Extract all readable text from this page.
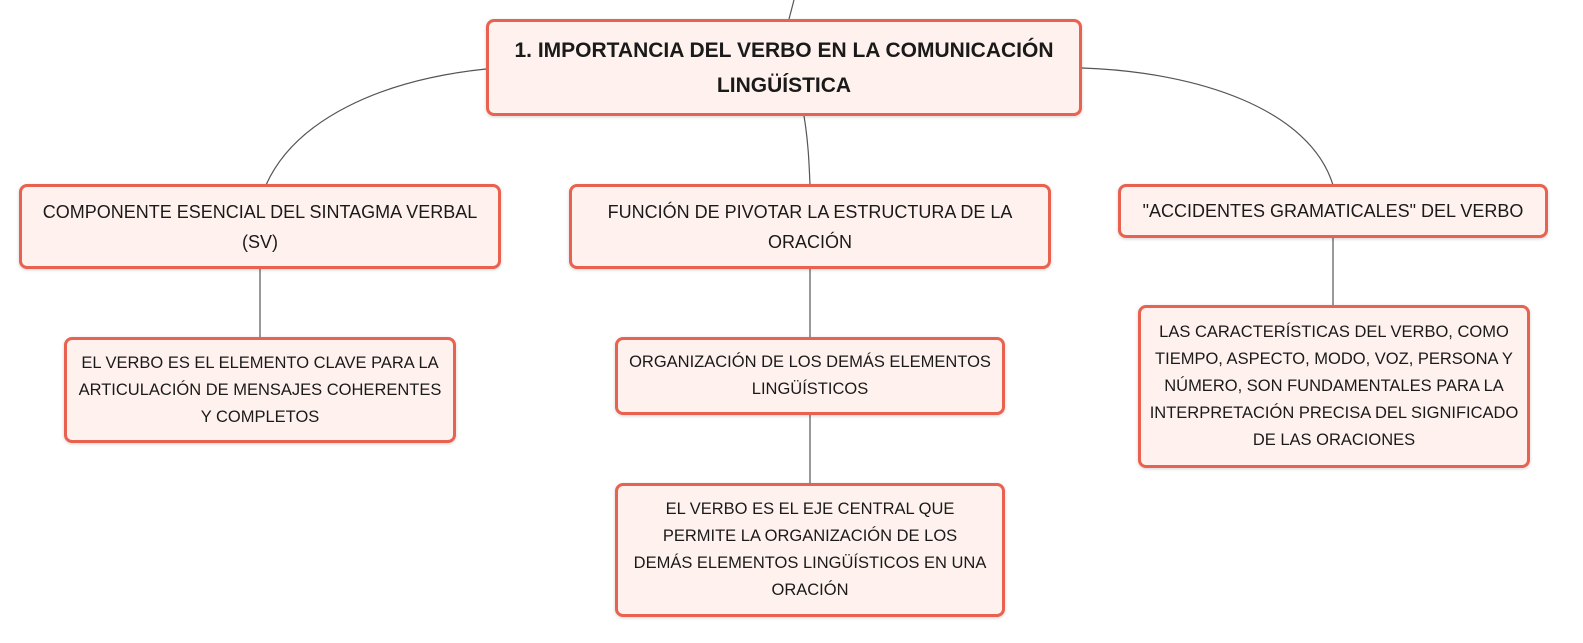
1. IMPORTANCIA DEL VERBO EN LA COMUNICACIÓN LINGÜÍSTICA
COMPONENTE ESENCIAL DEL SINTAGMA VERBAL (SV)
FUNCIÓN DE PIVOTAR LA ESTRUCTURA DE LA ORACIÓN
"ACCIDENTES GRAMATICALES" DEL VERBO
EL VERBO ES EL ELEMENTO CLAVE PARA LA ARTICULACIÓN DE MENSAJES COHERENTES Y COMPLETOS
ORGANIZACIÓN DE LOS DEMÁS ELEMENTOS LINGÜÍSTICOS
EL VERBO ES EL EJE CENTRAL QUE PERMITE LA ORGANIZACIÓN DE LOS DEMÁS ELEMENTOS LINGÜÍSTICOS EN UNA ORACIÓN
LAS CARACTERÍSTICAS DEL VERBO, COMO TIEMPO, ASPECTO, MODO, VOZ, PERSONA Y NÚMERO, SON FUNDAMENTALES PARA LA INTERPRETACIÓN PRECISA DEL SIGNIFICADO DE LAS ORACIONES
